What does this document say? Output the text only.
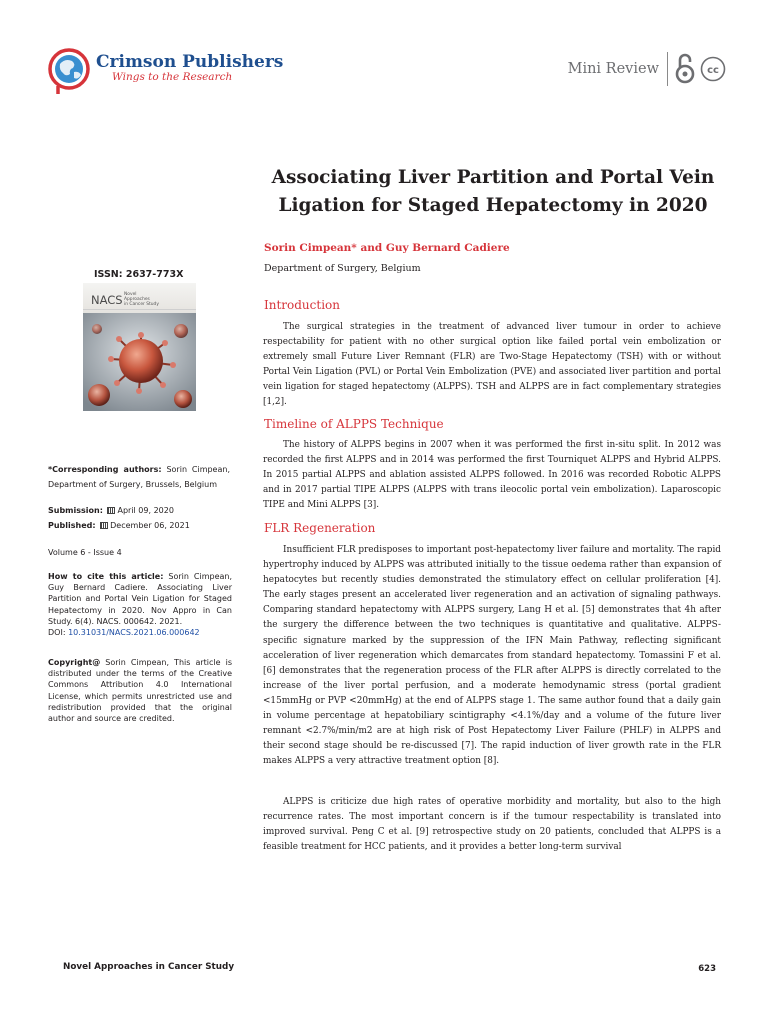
Crimson Publishers
Wings to the Research	Mini Review	cc
Associating Liver Partition and Portal Vein Ligation for Staged Hepatectomy in 2020
Sorin Cimpean* and Guy Bernard Cadiere
Department of Surgery, Belgium
ISSN: 2637-773X
NACS Novel
Approaches
in Cancer Study
*Corresponding authors: Sorin Cimpean, Department of Surgery, Brussels, Belgium
Submission: April 09, 2020
Published: December 06, 2021
Volume 6 - Issue 4
How to cite this article: Sorin Cimpean, Guy Bernard Cadiere. Associating Liver Partition and Portal Vein Ligation for Staged Hepatectomy in 2020. Nov Appro in Can Study. 6(4). NACS. 000642. 2021.
DOI: 10.31031/NACS.2021.06.000642
Copyright@ Sorin Cimpean, This article is distributed under the terms of the Creative Commons Attribution 4.0 International License, which permits unrestricted use and redistribution provided that the original author and source are credited.
Introduction

The surgical strategies in the treatment of advanced liver tumour in order to achieve respectability for patient with no other surgical option like failed portal vein embolization or extremely small Future Liver Remnant (FLR) are Two-Stage Hepatectomy (TSH) with or without Portal Vein Ligation (PVL) or Portal Vein Embolization (PVE) and associated liver partition and portal vein ligation for staged hepatectomy (ALPPS). TSH and ALPPS are in fact complementary strategies [1,2].

Timeline of ALPPS Technique

The history of ALPPS begins in 2007 when it was performed the first in-situ split. In 2012 was recorded the first ALPPS and in 2014 was performed the first Tourniquet ALPPS and Hybrid ALPPS. In 2015 partial ALPPS and ablation assisted ALPPS followed. In 2016 was recorded Robotic ALPPS and in 2017 partial TIPE ALPPS (ALPPS with trans ileocolic portal vein embolization). Laparoscopic TIPE and Mini ALPPS [3].

FLR Regeneration

Insufficient FLR predisposes to important post-hepatectomy liver failure and mortality. The rapid hypertrophy induced by ALPPS was attributed initially to the tissue oedema rather than expansion of hepatocytes but recently studies demonstrated the stimulatory effect on cellular proliferation [4]. The early stages present an accelerated liver regeneration and an activation of signaling pathways. Comparing standard hepatectomy with ALPPS surgery, Lang H et al. [5] demonstrates that 4h after the surgery the difference between the two techniques is quantitative and qualitative. ALPPS-specific signature marked by the suppression of the IFN Main Pathway, reflecting significant acceleration of liver regeneration which demarcates from standard hepatectomy. Tomassini F et al. [6] demonstrates that the regeneration process of the FLR after ALPPS is directly correlated to the increase of the liver portal perfusion, and a moderate hemodynamic stress (portal gradient <15mmHg or PVP <20mmHg) at the end of ALPPS stage 1. The same author found that a daily gain in volume percentage at hepatobiliary scintigraphy <4.1%/day and a volume of the future liver remnant <2.7%/min/m2 are at high risk of Post Hepatectomy Liver Failure (PHLF) in ALPPS and their second stage should be re-discussed [7]. The rapid induction of liver growth rate in the FLR makes ALPPS a very attractive treatment option [8].

ALPPS is criticize due high rates of operative morbidity and mortality, but also to the high recurrence rates. The most important concern is if the tumour respectability is translated into improved survival. Peng C et al. [9] retrospective study on 20 patients, concluded that ALPPS is a feasible treatment for HCC patients, and it provides a better long-term survival

Novel Approaches in Cancer Study	623
